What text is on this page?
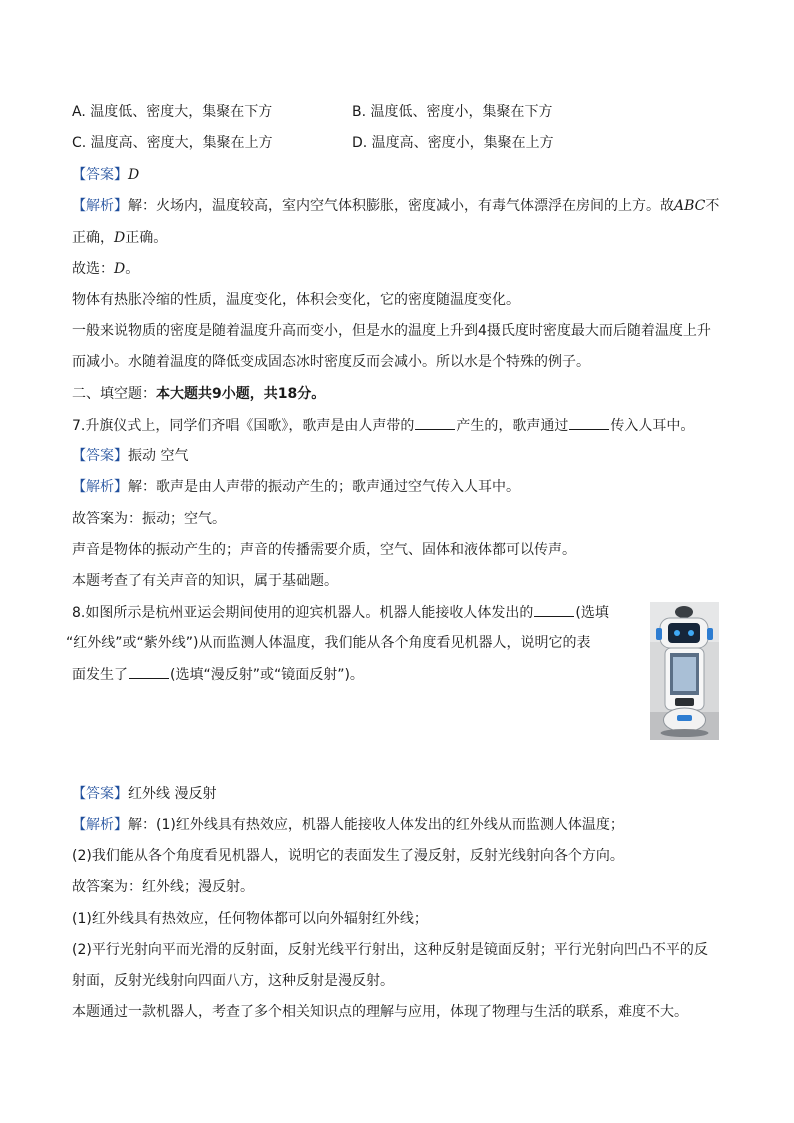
A. 温度低、密度大，集聚在下方	B. 温度低、密度小，集聚在下方
C. 温度高、密度大，集聚在上方	D. 温度高、密度小，集聚在上方
【答案】D
【解析】解：火场内，温度较高，室内空气体积膨胀，密度减小，有毒气体漂浮在房间的上方。故ABC不
正确，D正确。
故选：D。
物体有热胀冷缩的性质，温度变化，体积会变化，它的密度随温度变化。
一般来说物质的密度是随着温度升高而变小，但是水的温度上升到4摄氏度时密度最大而后随着温度上升
而减小。水随着温度的降低变成固态冰时密度反而会减小。所以水是个特殊的例子。
二、填空题：本大题共9小题，共18分。
7.升旗仪式上，同学们齐唱《国歌》，歌声是由人声带的	产生的，歌声通过	传入人耳中。
【答案】振动 空气
【解析】解：歌声是由人声带的振动产生的；歌声通过空气传入人耳中。
故答案为：振动；空气。
声音是物体的振动产生的；声音的传播需要介质，空气、固体和液体都可以传声。
本题考查了有关声音的知识，属于基础题。
8.如图所示是杭州亚运会期间使用的迎宾机器人。机器人能接收人体发出的	(选填
“红外线”或“紫外线”)从而监测人体温度，我们能从各个角度看见机器人，说明它的表
面发生了	(选填“漫反射”或“镜面反射”)。
【答案】红外线 漫反射
【解析】解：(1)红外线具有热效应，机器人能接收人体发出的红外线从而监测人体温度；
(2)我们能从各个角度看见机器人，说明它的表面发生了漫反射，反射光线射向各个方向。
故答案为：红外线；漫反射。
(1)红外线具有热效应，任何物体都可以向外辐射红外线；
(2)平行光射向平而光滑的反射面，反射光线平行射出，这种反射是镜面反射；平行光射向凹凸不平的反
射面，反射光线射向四面八方，这种反射是漫反射。
本题通过一款机器人，考查了多个相关知识点的理解与应用，体现了物理与生活的联系，难度不大。
